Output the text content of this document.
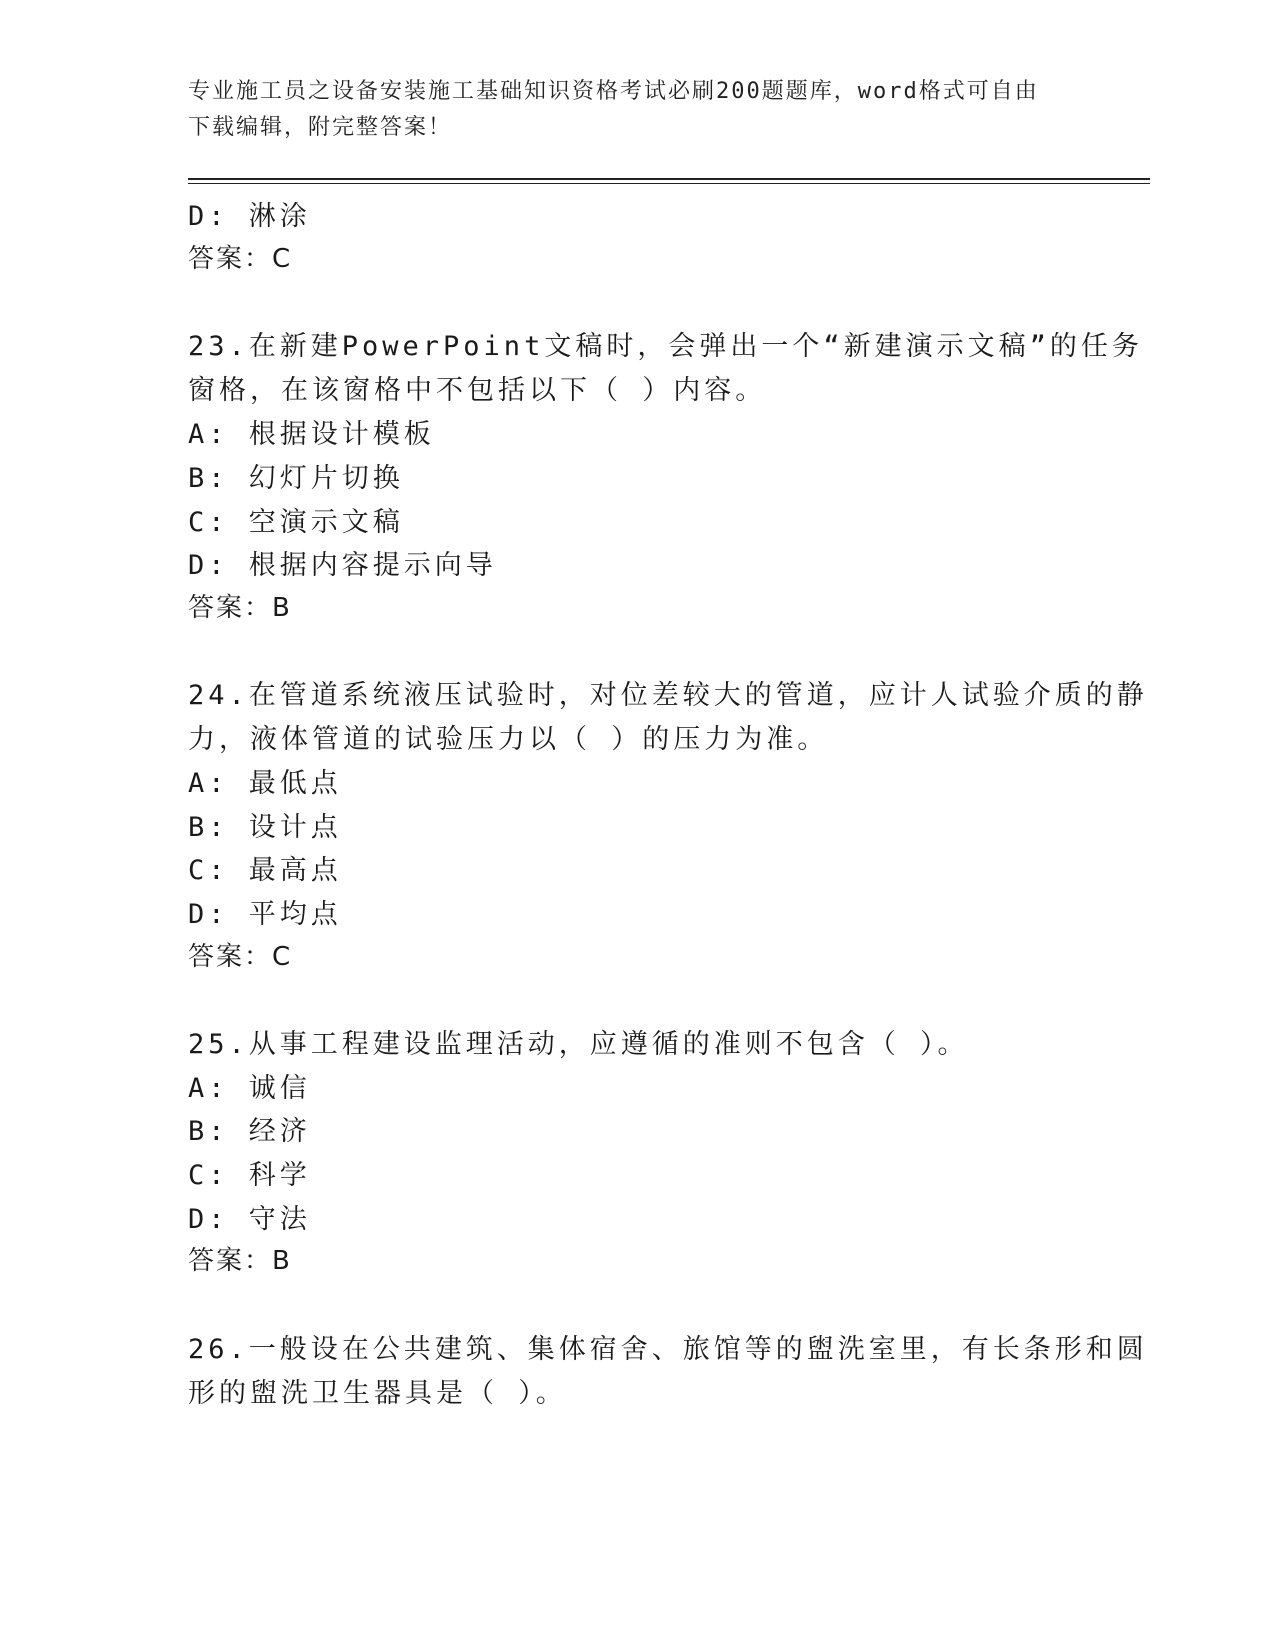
专业施工员之设备安装施工基础知识资格考试必刷200题题库，word格式可自由
下载编辑，附完整答案！
D: 淋涂
答案：C
23.在新建PowerPoint文稿时，会弹出一个“新建演示文稿”的任务
窗格，在该窗格中不包括以下（ ）内容。
A: 根据设计模板
B: 幻灯片切换
C: 空演示文稿
D: 根据内容提示向导
答案：B
24.在管道系统液压试验时，对位差较大的管道，应计人试验介质的静
力，液体管道的试验压力以（ ）的压力为准。
A: 最低点
B: 设计点
C: 最高点
D: 平均点
答案：C
25.从事工程建设监理活动，应遵循的准则不包含（ ）。
A: 诚信
B: 经济
C: 科学
D: 守法
答案：B
26.一般设在公共建筑、集体宿舍、旅馆等的盥洗室里，有长条形和圆
形的盥洗卫生器具是（ ）。
